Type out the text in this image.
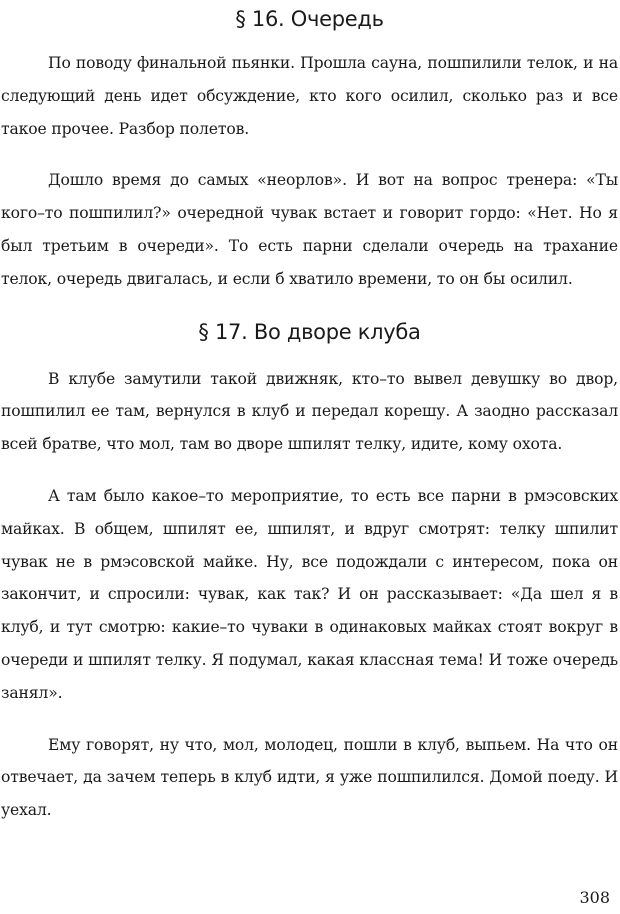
§ 16. Очередь

По поводу финальной пьянки. Прошла сауна, пошпилили телок, и на следующий день идет обсуждение, кто кого осилил, сколько раз и все такое прочее. Разбор полетов.

Дошло время до самых «неорлов». И вот на вопрос тренера: «Ты кого–то пошпилил?» очередной чувак встает и говорит гордо: «Нет. Но я был третьим в очереди». То есть парни сделали очередь на трахание телок, очередь двигалась, и если б хватило времени, то он бы осилил.

§ 17. Во дворе клуба

В клубе замутили такой движняк, кто–то вывел девушку во двор, пошпилил ее там, вернулся в клуб и передал корешу. А заодно рассказал всей братве, что мол, там во дворе шпилят телку, идите, кому охота.

А там было какое–то мероприятие, то есть все парни в рмэсовских майках. В общем, шпилят ее, шпилят, и вдруг смотрят: телку шпилит чувак не в рмэсовской майке. Ну, все подождали с интересом, пока он закончит, и спросили: чувак, как так? И он рассказывает: «Да шел я в клуб, и тут смотрю: какие–то чуваки в одинаковых майках стоят вокруг в очереди и шпилят телку. Я подумал, какая классная тема! И тоже очередь занял».

Ему говорят, ну что, мол, молодец, пошли в клуб, выпьем. На что он отвечает, да зачем теперь в клуб идти, я уже пошпилился. Домой поеду. И уехал.

308
